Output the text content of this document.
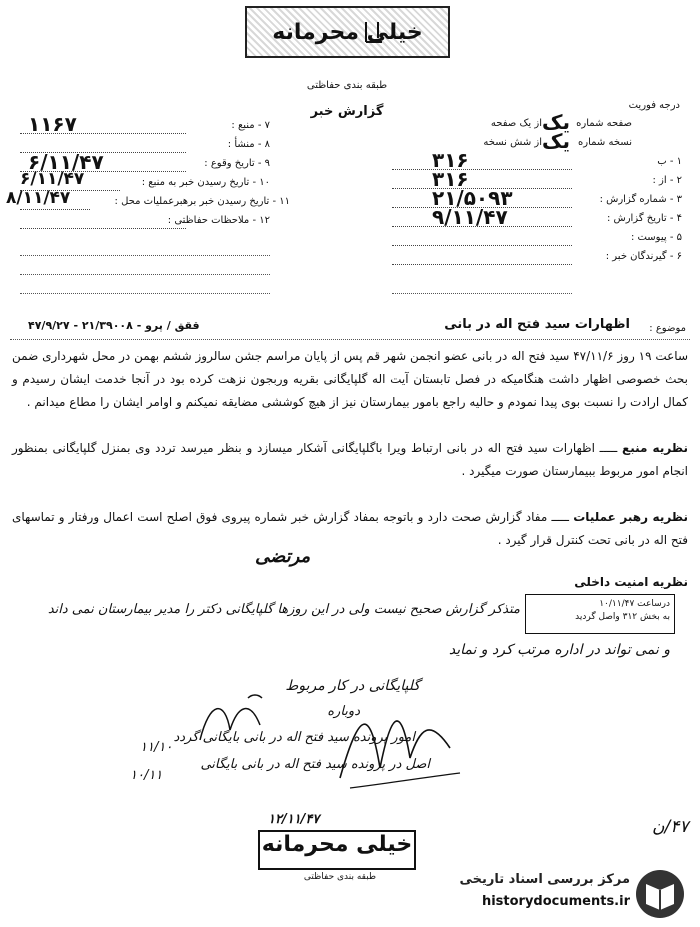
خیلی محرمانه
طبقه بندی حفاظتی
گزارش خبر	درجه فوریت
۷ - منبع :
۱۱۶۷
۸ - منشأ :
۹ - تاریخ وقوع :
۶/۱۱/۴۷
۱۰ - تاریخ رسیدن خبر به منبع :
۶/۱۱/۴۷
۱۱ - تاریخ رسیدن خبر برهبرعملیات محل :
۸/۱۱/۴۷
۱۲ - ملاحظات حفاظتی :
صفحه شماره
یک
از یک صفحه
نسخه شماره
یک
از شش نسخه
۱ - ب
۳۱۶
۲ - از :
۳۱۶
۳ - شماره گزارش :
۲۱/۵۰۹۳
۴ - تاریخ گزارش :
۹/۱۱/۴۷
۵ - پیوست :
۶ - گیرندگان خبر :
موضوع :
اظهارات سید فتح اله در بانی
ققق / پرو - ۲۱/۳۹۰۰۸ - ۴۷/۹/۲۷
ساعت ۱۹ روز ۴۷/۱۱/۶ سید فتح اله در بانی عضو انجمن شهر قم پس از پایان مراسم جشن سالروز ششم بهمن در محل شهرداری ضمن بحث خصوصی اظهار داشت هنگامیکه در فصل تابستان آیت اله گلپایگانی بقریه وربجون نزهت کرده بود در آنجا خدمت ایشان رسیدم و کمال ارادت را نسبت بوی پیدا نمودم و حالیه راجع بامور بیمارستان نیز از هیچ کوششی مضایقه نمیکنم و اوامر ایشان را مطاع میدانم .
نظریه منبع ـــــ اظهارات سید فتح اله در بانی ارتباط ویرا باگلپایگانی آشکار میسازد و بنظر میرسد تردد وی بمنزل گلپایگانی بمنظور انجام امور مربوط ببیمارستان صورت میگیرد .
نظریه رهبر عملیات ـــــ مفاد گزارش صحت دارد و باتوجه بمفاد گزارش خبر شماره پیروی فوق اصلح است اعمال ورفتار و تماسهای فتح اله در بانی تحت کنترل قرار گیرد .
مرتضی
نظریه امنیت داخلی
درساعت ۱۰/۱۱/۴۷
به بخش ۳۱۲ واصل گردید
متذکر گزارش صحیح نیست ولی در این روزها گلپایگانی دکتر را مدیر بیمارستان نمی داند
و نمی تواند در اداره مرتب کرد و نماید
گلپایگانی در کار مربوط
دوباره
امور پرونده سید فتح اله در بانی بایگانی گردد
اصل در پرونده سید فتح اله در بانی بایگانی
۱۱/۱۰
۱۰/۱۱
۴۷/ن
۱۲/۱۱/۴۷
خیلی محرمانه
طبقه بندی حفاظتی	مرکز بررسی اسناد تاریخی
historydocuments.ir
